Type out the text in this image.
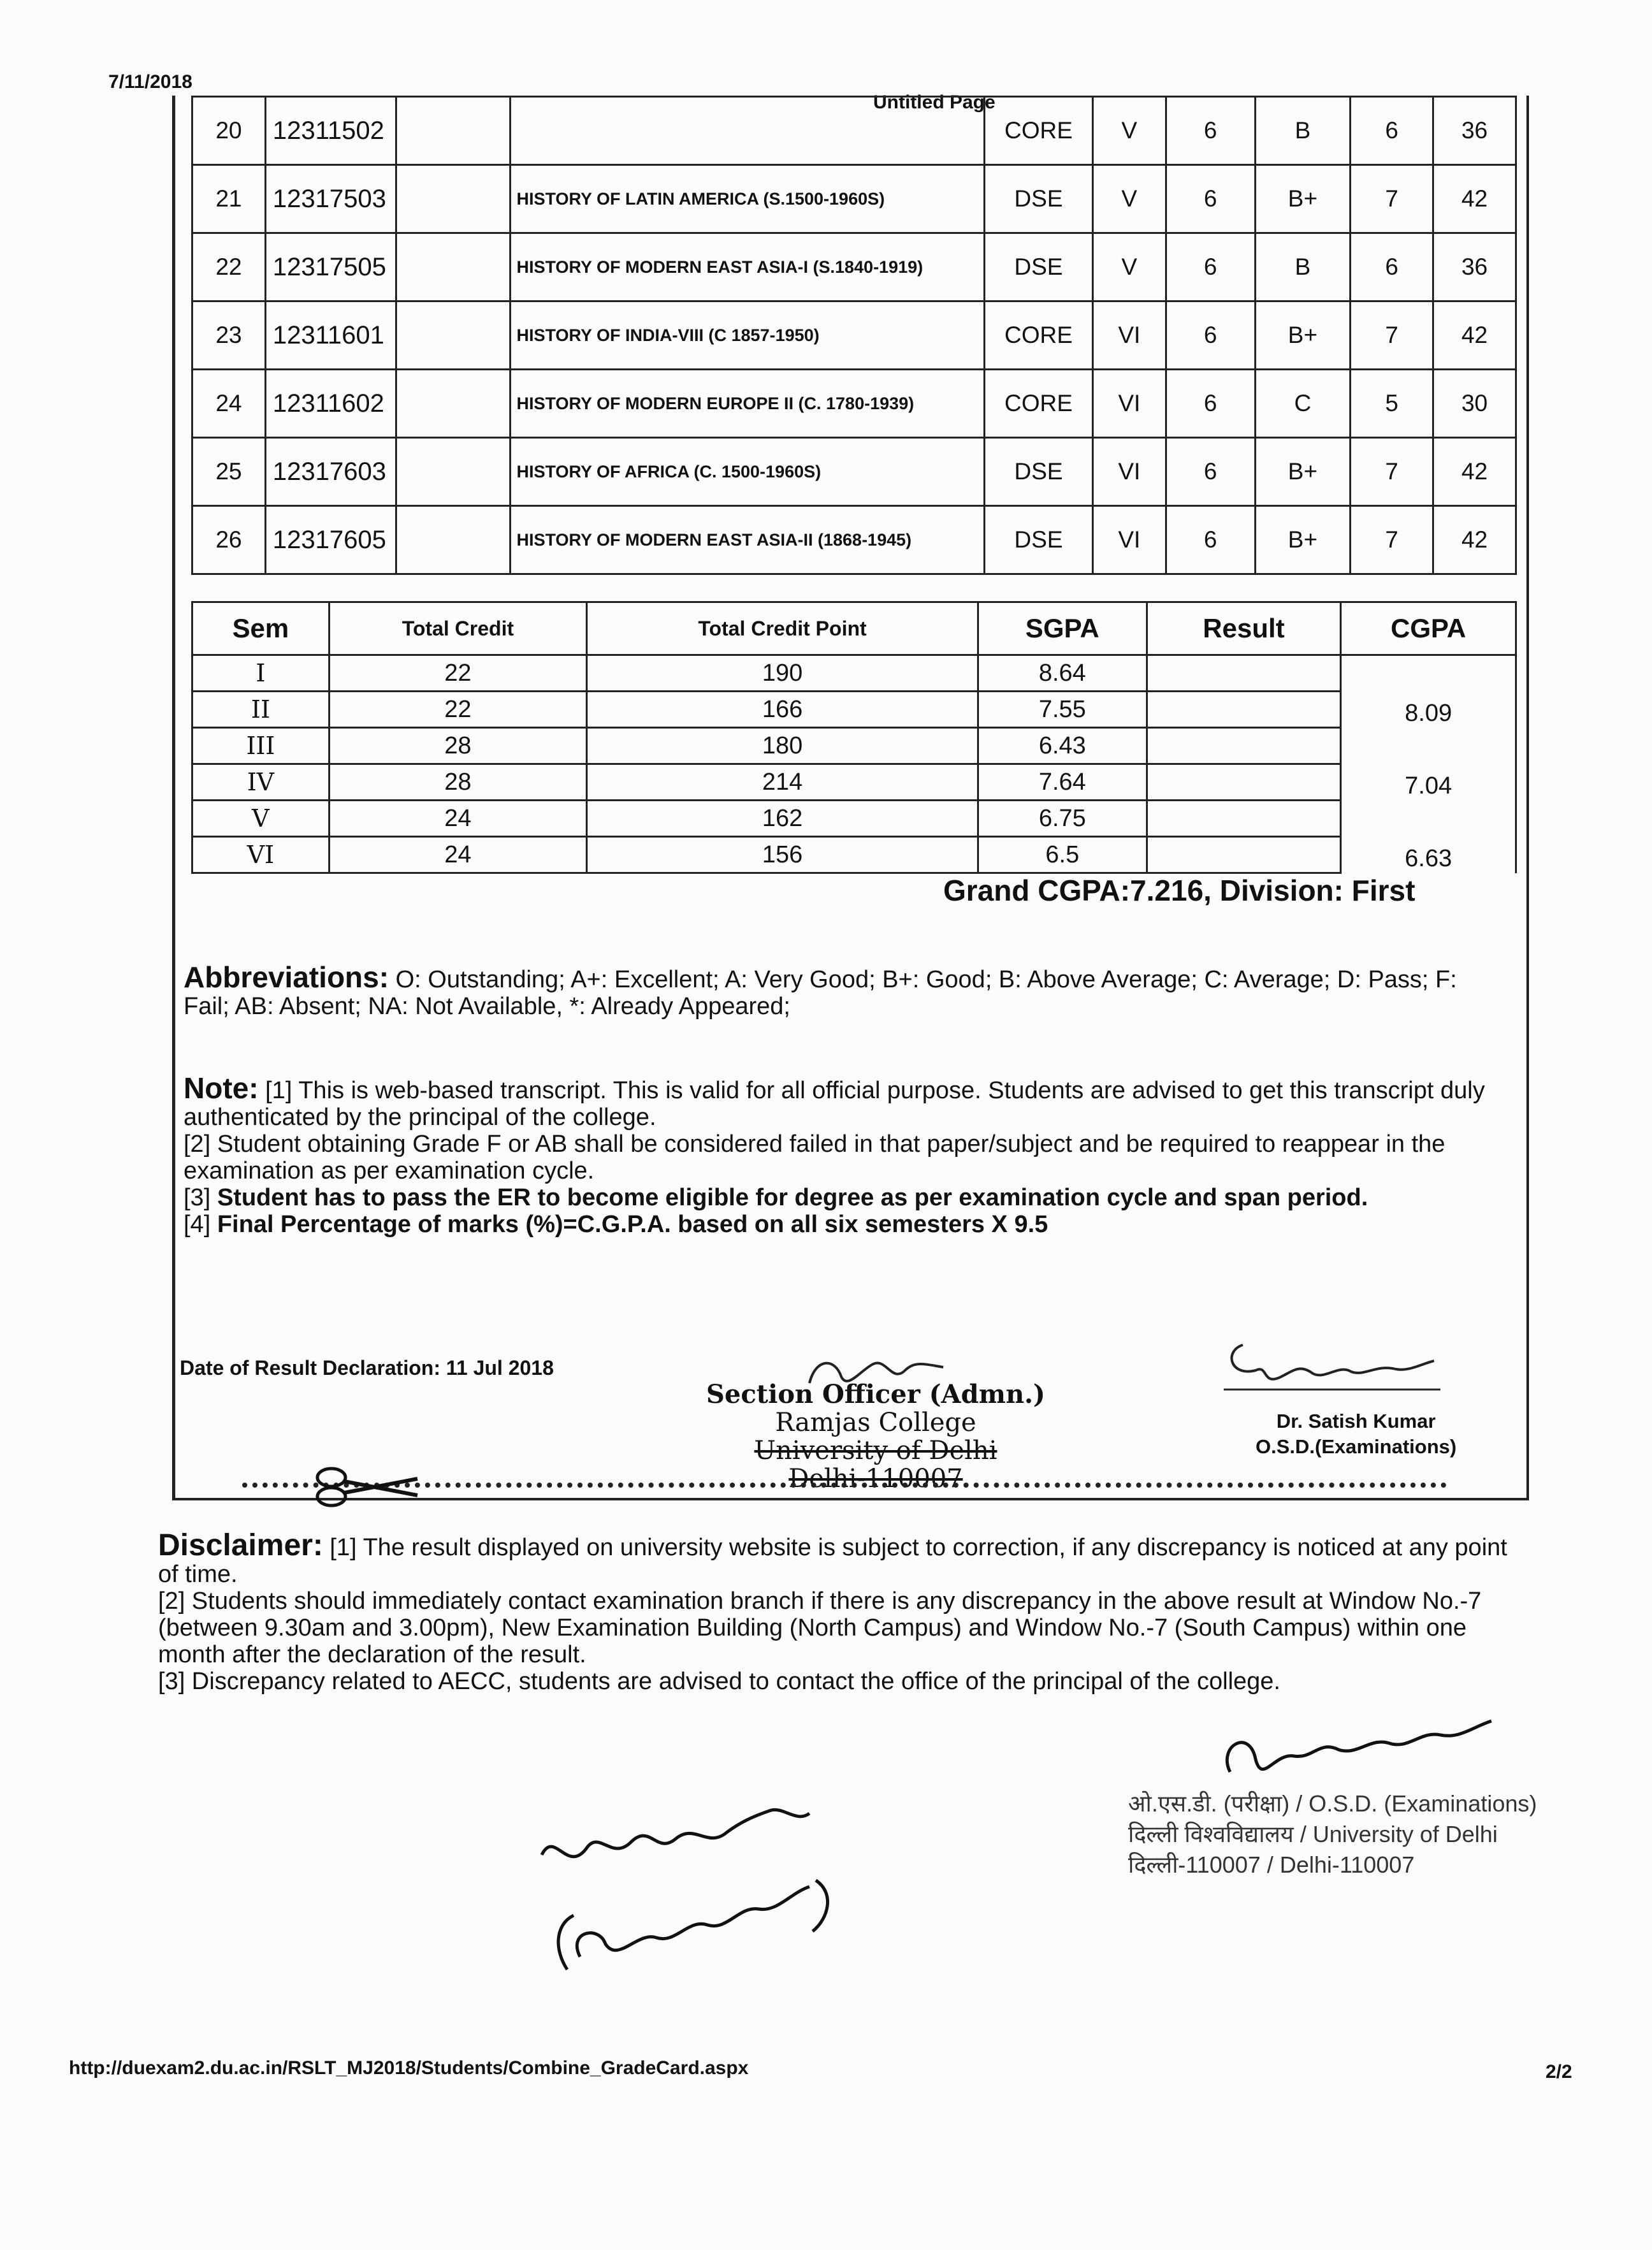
7/11/2018
Untitled Page
20	12311502			CORE	V	6	B	6	36
21	12317503		HISTORY OF LATIN AMERICA (S.1500-1960S)	DSE	V	6	B+	7	42
22	12317505		HISTORY OF MODERN EAST ASIA-I (S.1840-1919)	DSE	V	6	B	6	36
23	12311601		HISTORY OF INDIA-VIII (C 1857-1950)	CORE	VI	6	B+	7	42
24	12311602		HISTORY OF MODERN EUROPE II (C. 1780-1939)	CORE	VI	6	C	5	30
25	12317603		HISTORY OF AFRICA (C. 1500-1960S)	DSE	VI	6	B+	7	42
26	12317605		HISTORY OF MODERN EAST ASIA-II (1868-1945)	DSE	VI	6	B+	7	42
Sem	Total Credit	Total Credit Point	SGPA	Result	CGPA
I	22	190	8.64		8.09
II	22	166	7.55		
III	28	180	6.43		7.04
IV	28	214	7.64		
V	24	162	6.75		6.63
VI	24	156	6.5		
Grand CGPA:7.216, Division: First
Abbreviations: O: Outstanding; A+: Excellent; A: Very Good; B+: Good; B: Above Average; C: Average; D: Pass; F: Fail; AB: Absent; NA: Not Available, *: Already Appeared;
Note: [1] This is web-based transcript. This is valid for all official purpose. Students are advised to get this transcript duly authenticated by the principal of the college.
[2] Student obtaining Grade F or AB shall be considered failed in that paper/subject and be required to reappear in the examination as per examination cycle.
[3] Student has to pass the ER to become eligible for degree as per examination cycle and span period.
[4] Final Percentage of marks (%)=C.G.P.A. based on all six semesters X 9.5
Date of Result Declaration: 11 Jul 2018
Section Officer (Admn.)
Ramjas College
University of Delhi
Delhi-110007
Dr. Satish Kumar
O.S.D.(Examinations)
Disclaimer: [1] The result displayed on university website is subject to correction, if any discrepancy is noticed at any point of time.
[2] Students should immediately contact examination branch if there is any discrepancy in the above result at Window No.-7 (between 9.30am and 3.00pm), New Examination Building (North Campus) and Window No.-7 (South Campus) within one month after the declaration of the result.
[3] Discrepancy related to AECC, students are advised to contact the office of the principal of the college.
ओ.एस.डी. (परीक्षा) / O.S.D. (Examinations)
दिल्ली विश्वविद्यालय / University of Delhi
दिल्ली-110007 / Delhi-110007
http://duexam2.du.ac.in/RSLT_MJ2018/Students/Combine_GradeCard.aspx	2/2
